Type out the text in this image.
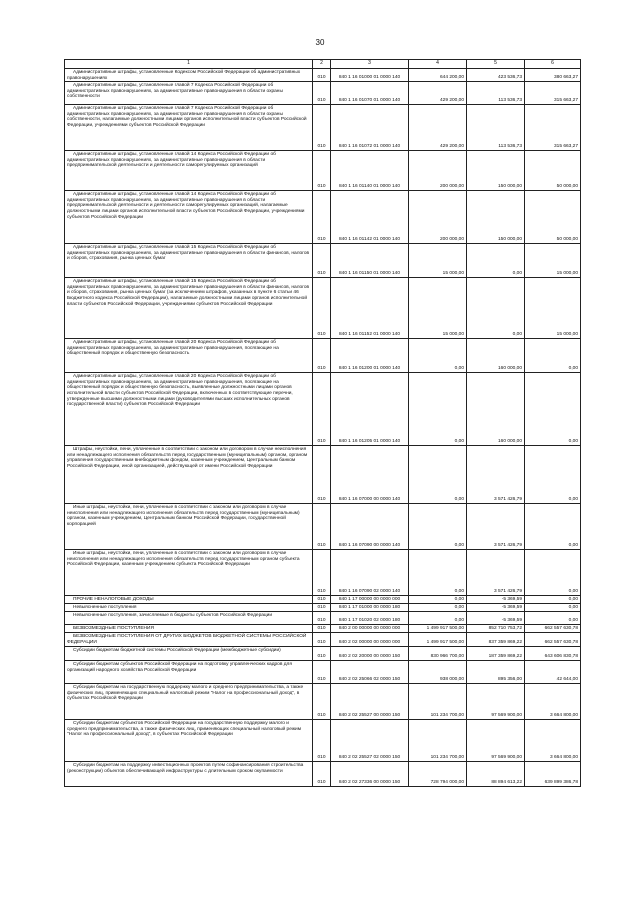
30
1	2	3	4	5	6

Административные штрафы, установленные Кодексом Российской Федерации об административных правонарушениях	010	840 1 16 01000 01 0000 140	644 200,00	423 536,73	380 663,27

Административные штрафы, установленные главой 7 Кодекса Российской Федерации об административных правонарушениях, за административные правонарушения в области охраны собственности	010	840 1 16 01070 01 0000 140	429 200,00	113 536,73	315 663,27

Административные штрафы, установленные главой 7 Кодекса Российской Федерации об административных правонарушениях, за административные правонарушения в области охраны собственности, налагаемые должностными лицами органов исполнительной власти субъектов Российской Федерации, учреждениями субъектов Российской Федерации	010	840 1 16 01072 01 0000 140	429 200,00	113 536,73	315 663,27

Административные штрафы, установленные главой 14 Кодекса Российской Федерации об административных правонарушениях, за административные правонарушения в области предпринимательской деятельности и деятельности саморегулируемых организаций	010	840 1 16 01140 01 0000 140	200 000,00	150 000,00	50 000,00

Административные штрафы, установленные главой 14 Кодекса Российской Федерации об административных правонарушениях, за административные правонарушения в области предпринимательской деятельности и деятельности саморегулируемых организаций, налагаемые должностными лицами органов исполнительной власти субъектов Российской Федерации, учреждениями субъектов Российской Федерации	010	840 1 16 01142 01 0000 140	200 000,00	150 000,00	50 000,00

Административные штрафы, установленные главой 15 Кодекса Российской Федерации об административных правонарушениях, за административные правонарушения в области финансов, налогов и сборов, страхования, рынка ценных бумаг	010	840 1 16 01150 01 0000 140	15 000,00	0,00	15 000,00

Административные штрафы, установленные главой 15 Кодекса Российской Федерации об административных правонарушениях, за административные правонарушения в области финансов, налогов и сборов, страхования, рынка ценных бумаг (за исключением штрафов, указанных в пункте 6 статьи 46 Бюджетного кодекса Российской Федерации), налагаемые должностными лицами органов исполнительной власти субъектов Российской Федерации, учреждениями субъектов Российской Федерации	010	840 1 16 01152 01 0000 140	15 000,00	0,00	15 000,00

Административные штрафы, установленные главой 20 Кодекса Российской Федерации об административных правонарушениях, за административные правонарушения, посягающие на общественный порядок и общественную безопасность	010	840 1 16 01200 01 0000 140	0,00	160 000,00	0,00

Административные штрафы, установленные главой 20 Кодекса Российской Федерации об административных правонарушениях, за административные правонарушения, посягающие на общественный порядок и общественную безопасность, выявленные должностными лицами органов исполнительной власти субъектов Российской Федерации, включенных в соответствующие перечни, утвержденные высшими должностными лицами (руководителями высших исполнительных органов государственной власти) субъектов Российской Федерации	010	840 1 16 01205 01 0000 140	0,00	160 000,00	0,00

Штрафы, неустойки, пени, уплаченные в соответствии с законом или договором в случае неисполнения или ненадлежащего исполнения обязательств перед государственным (муниципальным) органом, органом управления государственным внебюджетным фондом, казенным учреждением, Центральным банком Российской Федерации, иной организацией, действующей от имени Российской Федерации	010	840 1 16 07000 00 0000 140	0,00	3 571 426,79	0,00

Иные штрафы, неустойки, пени, уплаченные в соответствии с законом или договором в случае неисполнения или ненадлежащего исполнения обязательств перед государственным (муниципальным) органом, казенным учреждением, Центральным банком Российской Федерации, государственной корпорацией	010	840 1 16 07090 00 0000 140	0,00	3 571 426,79	0,00

Иные штрафы, неустойки, пени, уплаченные в соответствии с законом или договором в случае неисполнения или ненадлежащего исполнения обязательств перед государственным органом субъекта Российской Федерации, казенным учреждением субъекта Российской Федерации	010	840 1 16 07090 02 0000 140	0,00	3 571 426,79	0,00

ПРОЧИЕ НЕНАЛОГОВЫЕ ДОХОДЫ	010	840 1 17 00000 00 0000 000	0,00	-5 369,59	0,00

Невыясненные поступления	010	840 1 17 01000 00 0000 180	0,00	-5 369,59	0,00

Невыясненные поступления, зачисляемые в бюджеты субъектов Российской Федерации	010	840 1 17 01020 02 0000 180	0,00	-5 369,59	0,00

БЕЗВОЗМЕЗДНЫЕ ПОСТУПЛЕНИЯ	010	840 2 00 00000 00 0000 000	1 499 917 500,00	852 710 753,72	662 557 630,78

БЕЗВОЗМЕЗДНЫЕ ПОСТУПЛЕНИЯ ОТ ДРУГИХ БЮДЖЕТОВ БЮДЖЕТНОЙ СИСТЕМЫ РОССИЙСКОЙ ФЕДЕРАЦИИ	010	840 2 02 00000 00 0000 000	1 499 917 500,00	837 359 869,22	662 557 630,78

Субсидии бюджетам бюджетной системы Российской Федерации (межбюджетные субсидии)	010	840 2 02 20000 00 0000 150	830 966 700,00	187 359 869,22	643 606 830,78

Субсидии бюджетам субъектов Российской Федерации на подготовку управленческих кадров для организаций народного хозяйства Российской Федерации	010	840 2 02 25066 02 0000 150	938 000,00	895 356,00	42 644,00

Субсидии бюджетам на государственную поддержку малого и среднего предпринимательства, а также физических лиц, применяющих специальный налоговый режим "Налог на профессиональный доход", в субъектах Российской Федерации	010	840 2 02 25527 00 0000 150	101 234 700,00	97 569 900,00	3 664 800,00

Субсидии бюджетам субъектов Российской Федерации на государственную поддержку малого и среднего предпринимательства, а также физических лиц, применяющих специальный налоговый режим "Налог на профессиональный доход", в субъектах Российской Федерации	010	840 2 02 25527 02 0000 150	101 234 700,00	97 569 900,00	3 664 800,00

Субсидии бюджетам на поддержку инвестиционных проектов путем софинансирования строительства (реконструкции) объектов обеспечивающей инфраструктуры с длительным сроком окупаемости	010	840 2 02 27336 00 0000 150	728 794 000,00	88 894 613,22	639 899 386,78
